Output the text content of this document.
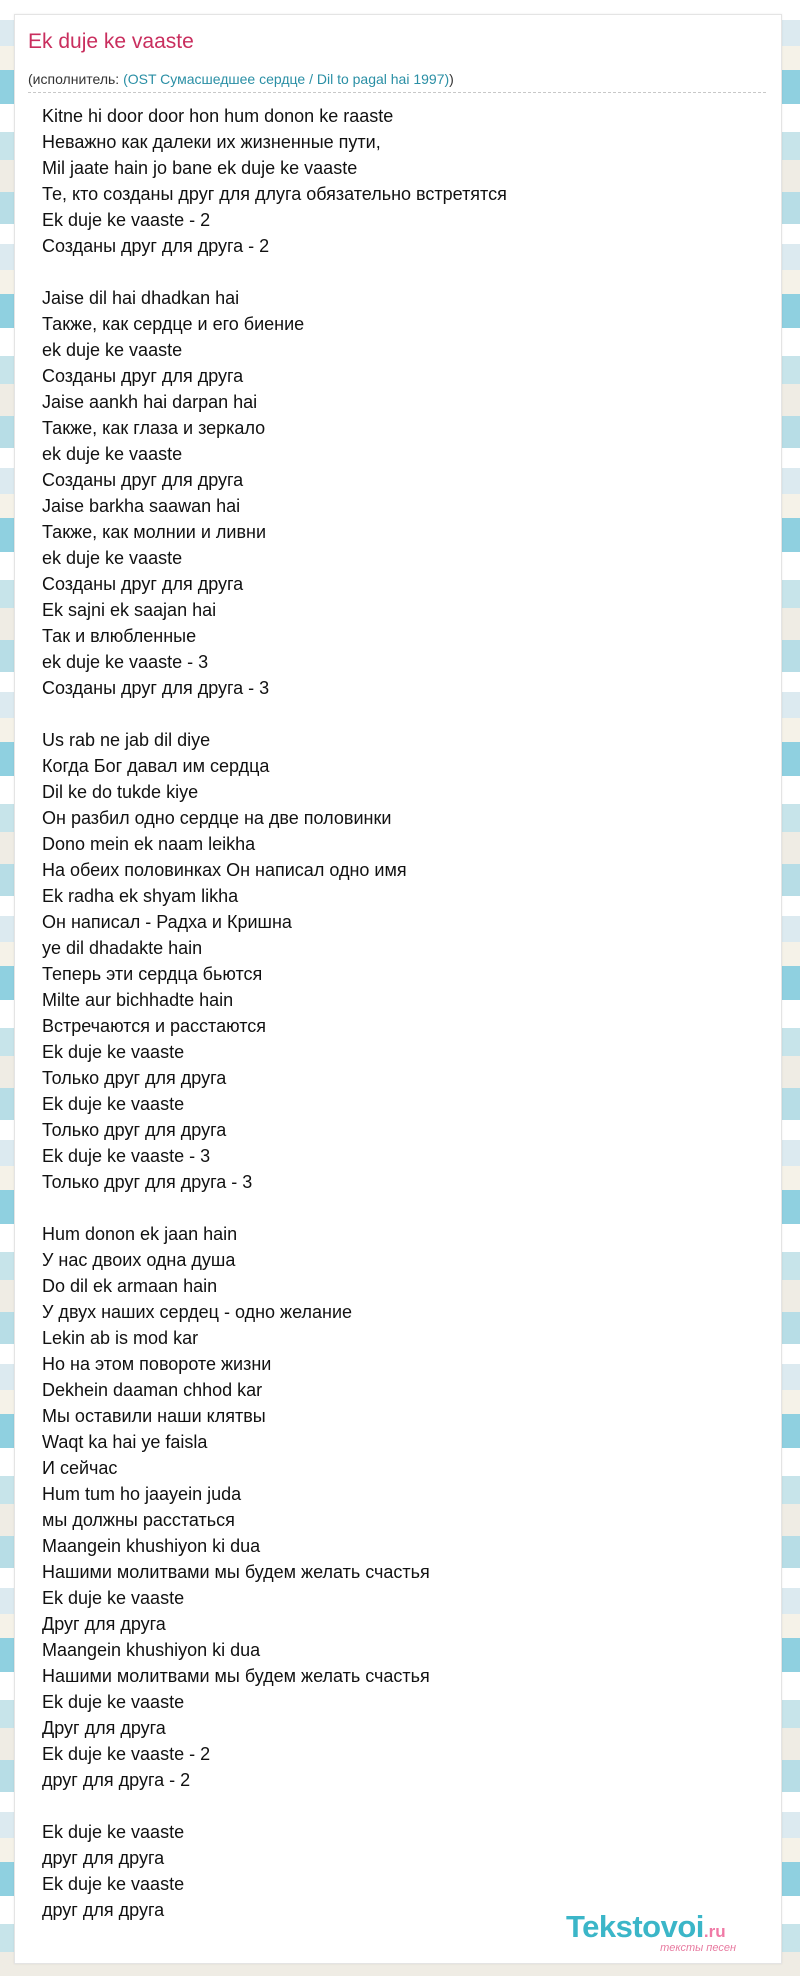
Ek duje ke vaaste
(исполнитель: (OST Сумасшедшее сердце / Dil to pagal hai 1997))
Kitne hi door door hon hum donon ke raaste
Неважно как далеки их жизненные пути,
Mil jaate hain jo bane ek duje ke vaaste
Те, кто созданы друг для длуга обязательно встретятся
Ek duje ke vaaste - 2
Созданы друг для друга - 2
Jaise dil hai dhadkan hai
Также, как сердце и его биение
ek duje ke vaaste
Созданы друг для друга
Jaise aankh hai darpan hai
Также, как глаза и зеркало
ek duje ke vaaste
Созданы друг для друга
Jaise barkha saawan hai
Также, как молнии и ливни
ek duje ke vaaste
Созданы друг для друга
Ek sajni ek saajan hai
Так и влюбленные
ek duje ke vaaste - 3
Созданы друг для друга - 3
Us rab ne jab dil diye
Когда Бог давал им сердца
Dil ke do tukde kiye
Он разбил одно сердце на две половинки
Dono mein ek naam leikha
На обеих половинках Он написал одно имя
Ek radha ek shyam likha
Он написал - Радха и Кришна
ye dil dhadakte hain
Теперь эти сердца бьются
Milte aur bichhadte hain
Встречаются и расстаются
Ek duje ke vaaste
Только друг для друга
Ek duje ke vaaste
Только друг для друга
Ek duje ke vaaste - 3
Только друг для друга - 3
Hum donon ek jaan hain
У нас двоих одна душа
Do dil ek armaan hain
У двух наших сердец - одно желание
Lekin ab is mod kar
Но на этом повороте жизни
Dekhein daaman chhod kar
Мы оставили наши клятвы
Waqt ka hai ye faisla
И сейчас
Hum tum ho jaayein juda
мы должны расстаться
Maangein khushiyon ki dua
Нашими молитвами мы будем желать счастья
Ek duje ke vaaste
Друг для друга
Maangein khushiyon ki dua
Нашими молитвами мы будем желать счастья
Ek duje ke vaaste
Друг для друга
Ek duje ke vaaste - 2
друг для друга - 2
Ek duje ke vaaste
друг для друга
Ek duje ke vaaste
друг для друга	Tekstovoi.ru
тексты песен
